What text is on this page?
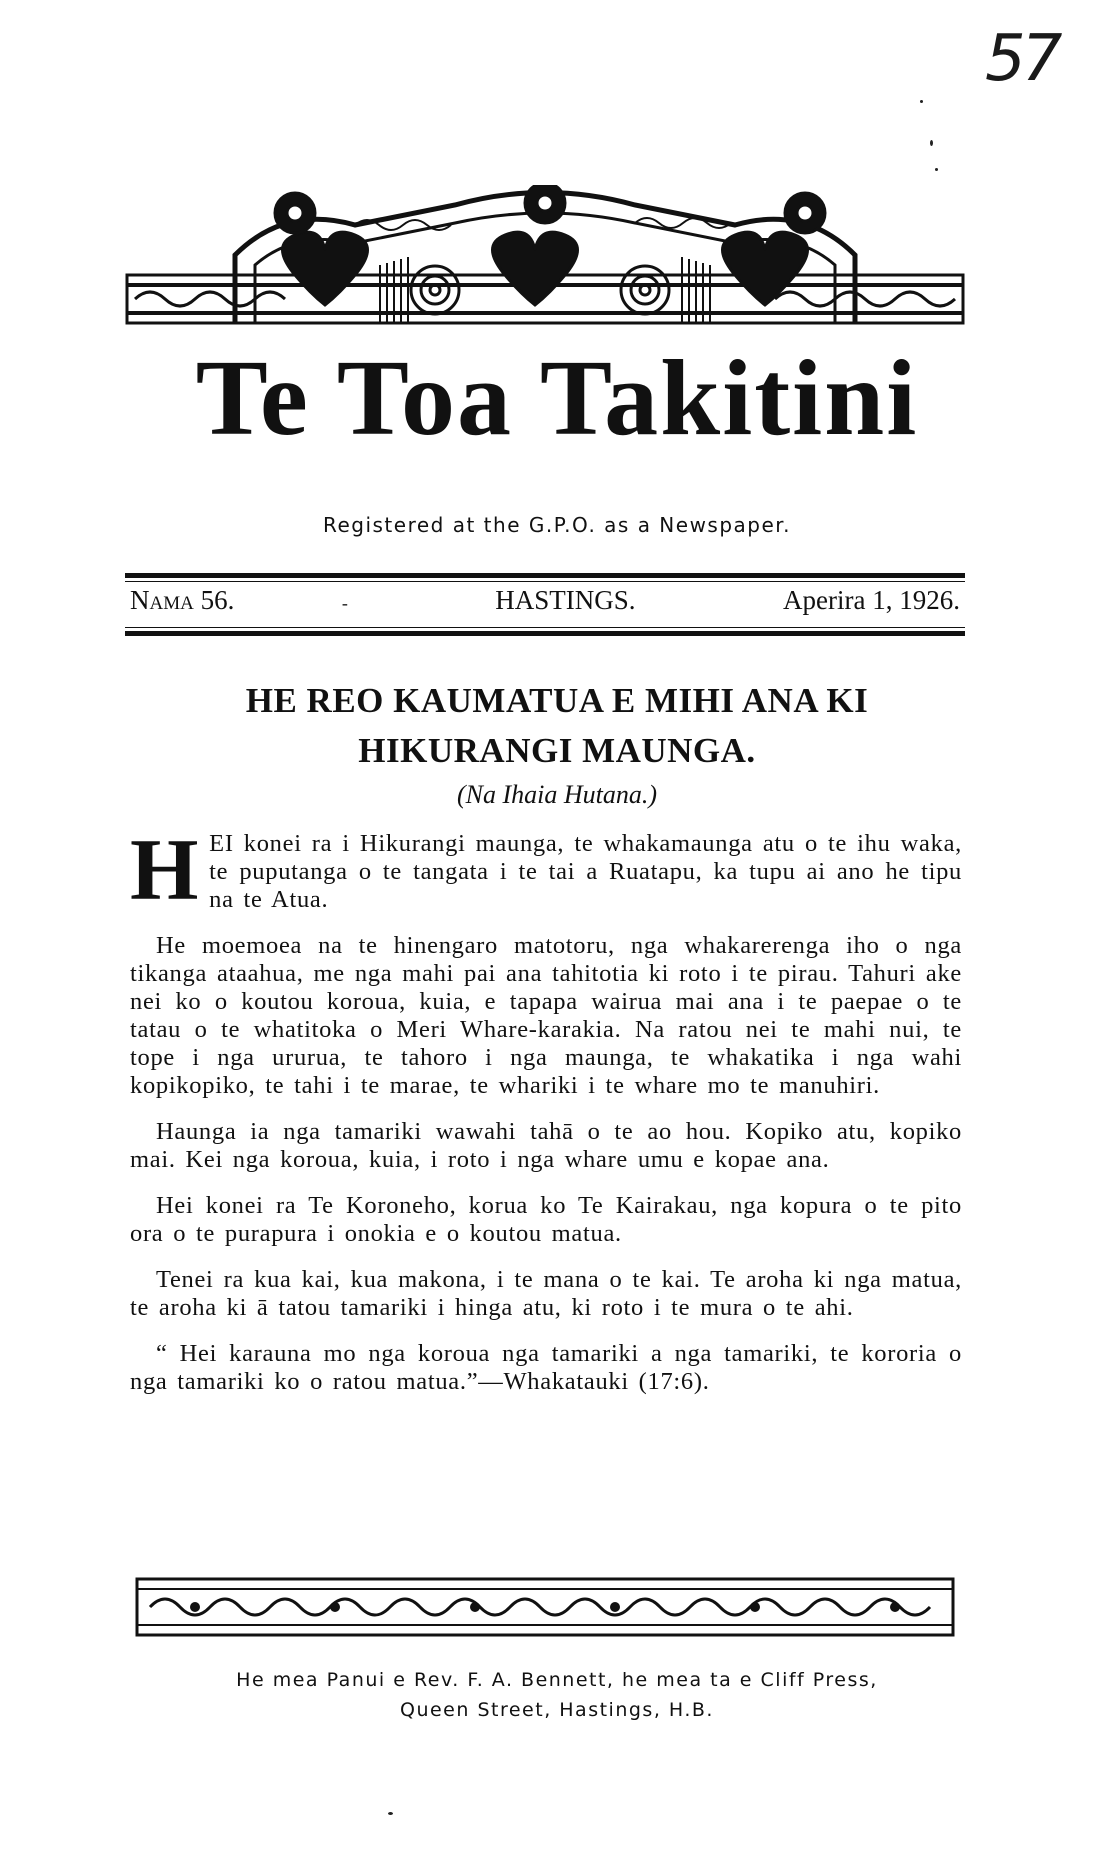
57
Te Toa Takitini
Registered at the G.P.O. as a Newspaper.
Nama 56.	-	HASTINGS.	Aperira 1, 1926.
HE REO KAUMATUA E MIHI ANA KI
HIKURANGI MAUNGA.
(Na Ihaia Hutana.)

H EI konei ra i Hikurangi maunga, te whakamaunga atu o te ihu waka, te puputanga o te tangata i te tai a Ruatapu, ka tupu ai ano he tipu na te Atua.

He moemoea na te hinengaro matotoru, nga whakarerenga iho o nga tikanga ataahua, me nga mahi pai ana tahitotia ki roto i te pirau. Tahuri ake nei ko o koutou koroua, kuia, e tapapa wairua mai ana i te paepae o te tatau o te whatitoka o Meri Whare-karakia. Na ratou nei te mahi nui, te tope i nga ururua, te tahoro i nga maunga, te whakatika i nga wahi kopikopiko, te tahi i te marae, te whariki i te whare mo te manuhiri.

Haunga ia nga tamariki wawahi tahā o te ao hou. Kopiko atu, kopiko mai. Kei nga koroua, kuia, i roto i nga whare umu e kopae ana.

Hei konei ra Te Koroneho, korua ko Te Kairakau, nga kopura o te pito ora o te purapura i onokia e o koutou matua.

Tenei ra kua kai, kua makona, i te mana o te kai. Te aroha ki nga matua, te aroha ki ā tatou tamariki i hinga atu, ki roto i te mura o te ahi.

“ Hei karauna mo nga koroua nga tamariki a nga tamariki, te kororia o nga tamariki ko o ratou matua.”—Whakatauki (17:6).

He mea Panui e Rev. F. A. Bennett, he mea ta e Cliff Press,
Queen Street, Hastings, H.B.
